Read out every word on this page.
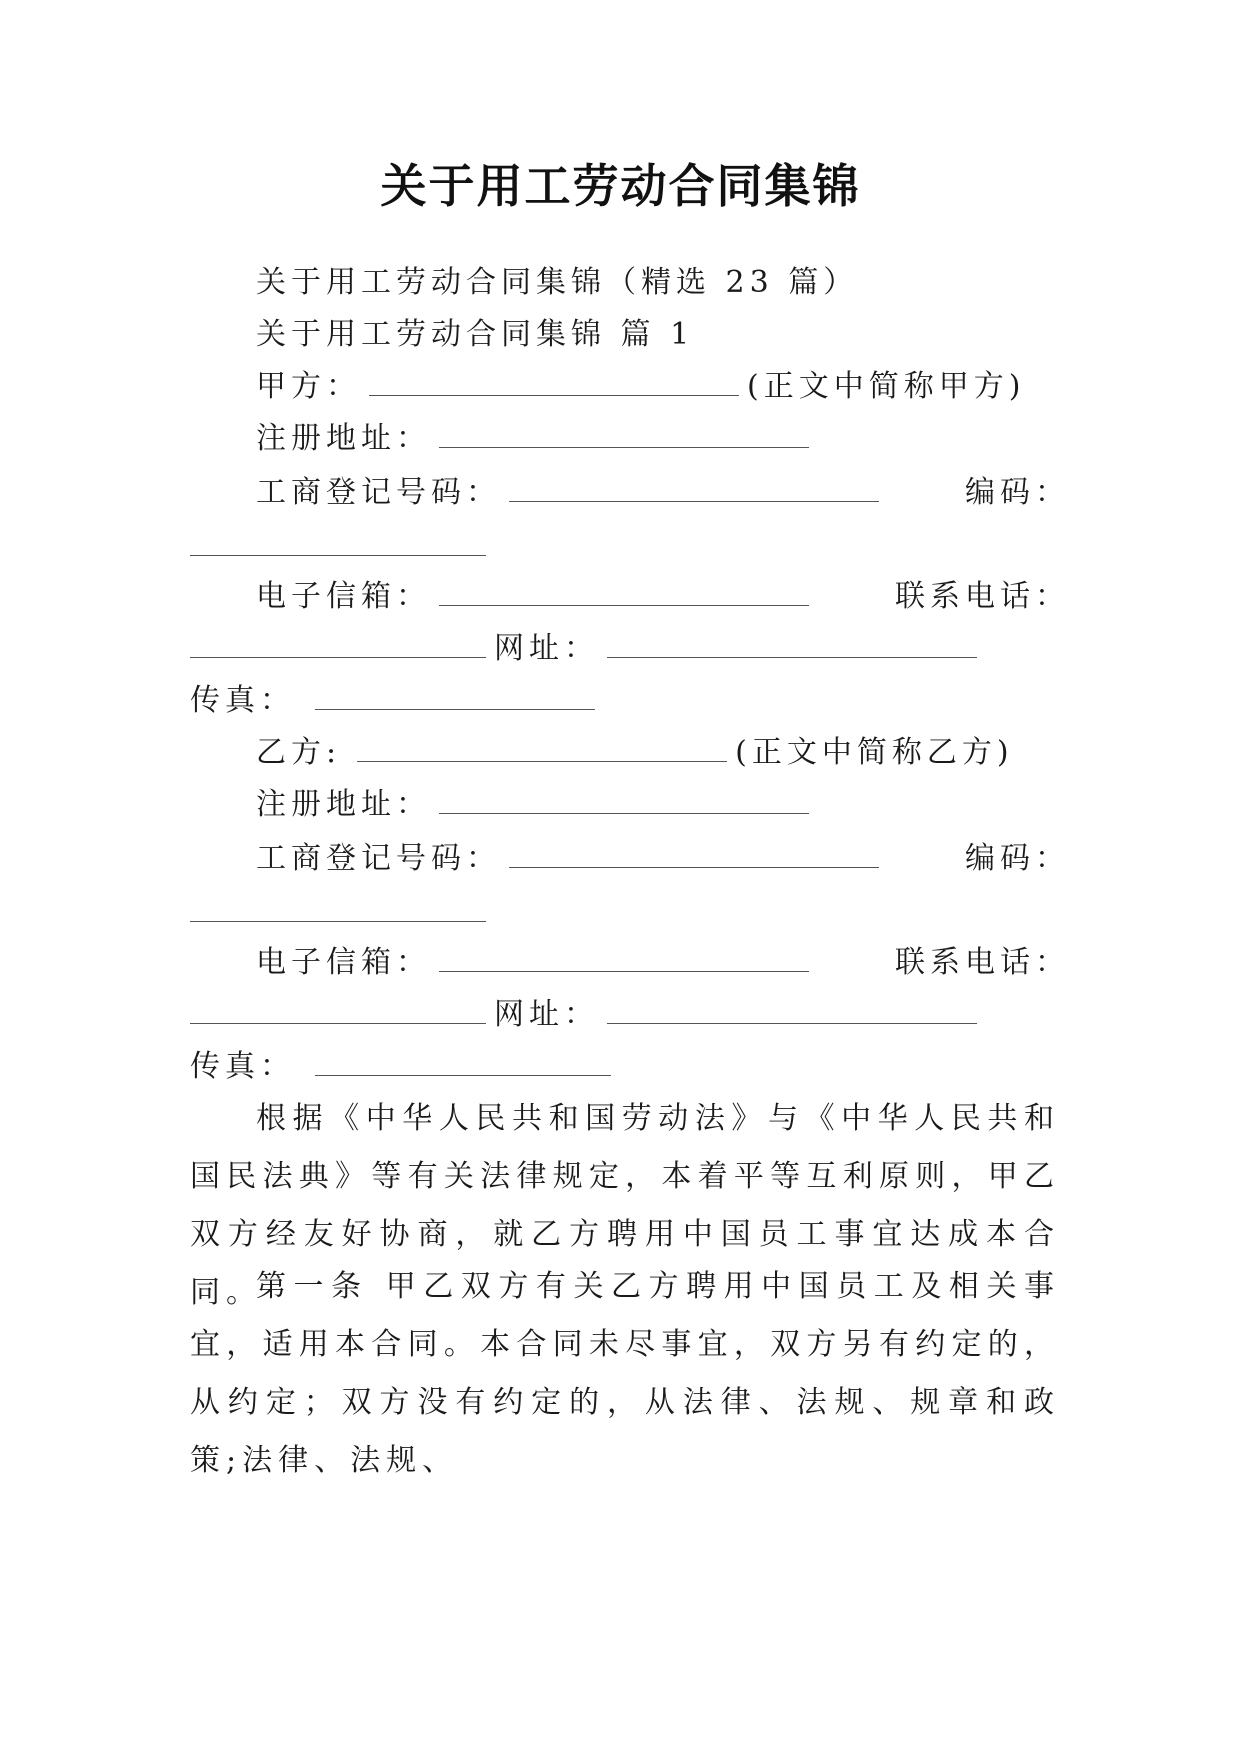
关于用工劳动合同集锦
关于用工劳动合同集锦（精选 23 篇）
关于用工劳动合同集锦 篇 1
甲方：	(正文中简称甲方)
注册地址：
工商登记号码：	编码：
电子信箱：	联系电话：
网址：
传真：
乙方:	(正文中简称乙方)
注册地址：
工商登记号码：	编码：
电子信箱：	联系电话：
网址：
传真：
根据《中华人民共和国劳动法》与《中华人民共和国民法典》等有关法律规定，本着平等互利原则，甲乙双方经友好协商，就乙方聘用中国员工事宜达成本合同。
第一条 甲乙双方有关乙方聘用中国员工及相关事宜，适用本合同。本合同未尽事宜，双方另有约定的，从约定；双方没有约定的，从法律、法规、规章和政策;法律、法规、
